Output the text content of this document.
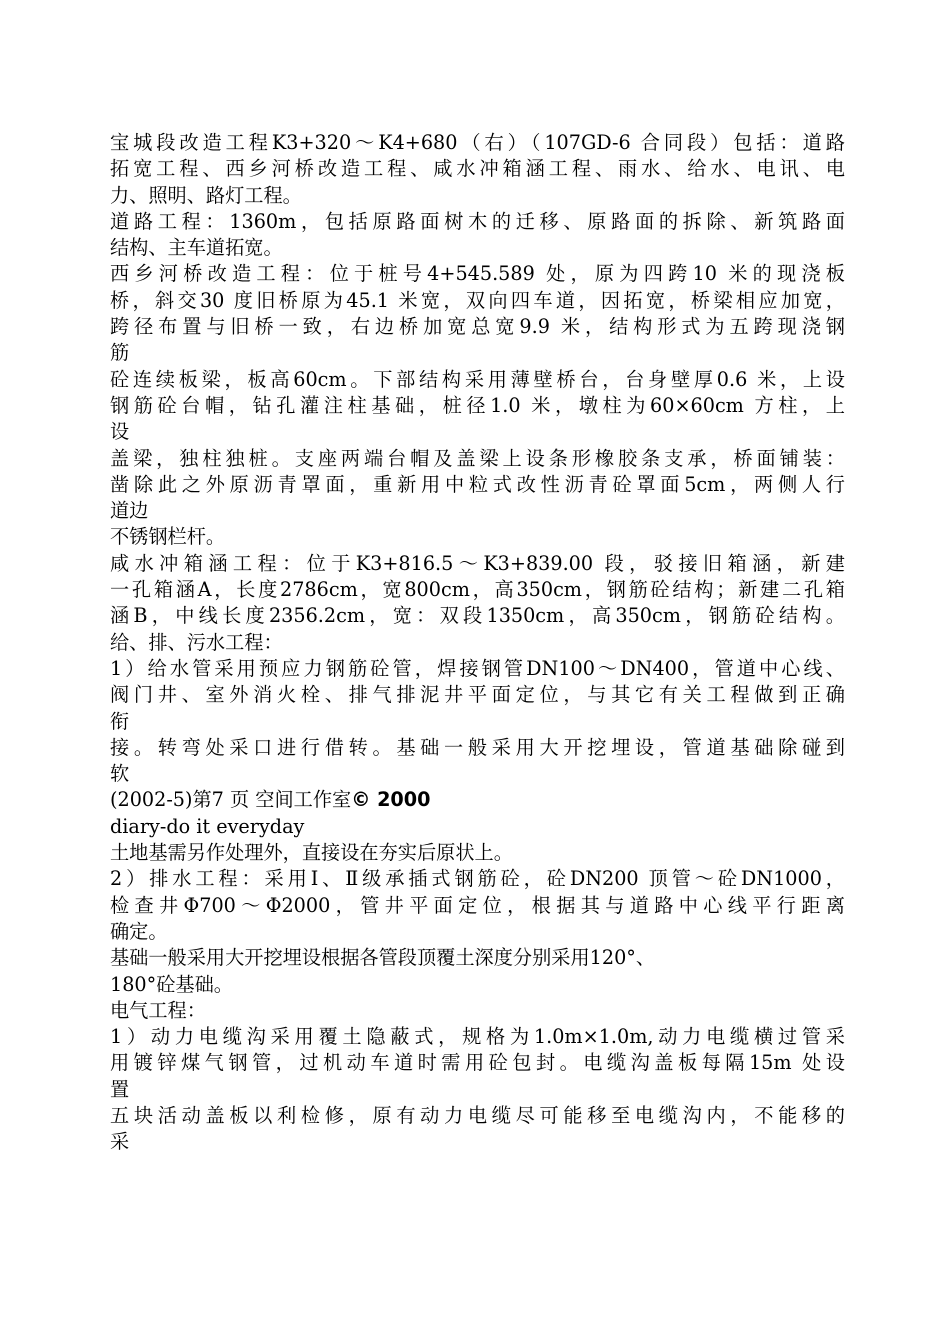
宝城段改造工程K3+320～K4+680（右）（107GD-6 合同段）包括：道路
拓宽工程、西乡河桥改造工程、咸水冲箱涵工程、雨水、给水、电讯、电
力、照明、路灯工程。
道路工程：1360m，包括原路面树木的迁移、原路面的拆除、新筑路面
结构、主车道拓宽。
西乡河桥改造工程：位于桩号4+545.589 处，原为四跨10 米的现浇板
桥，斜交30 度旧桥原为45.1 米宽，双向四车道，因拓宽，桥梁相应加宽，
跨径布置与旧桥一致，右边桥加宽总宽9.9 米，结构形式为五跨现浇钢
筋
砼连续板梁，板高60cm。下部结构采用薄壁桥台，台身壁厚0.6 米，上设
钢筋砼台帽，钻孔灌注柱基础，桩径1.0 米，墩柱为60×60cm 方柱，上
设
盖梁，独柱独桩。支座两端台帽及盖梁上设条形橡胶条支承，桥面铺装：
凿除此之外原沥青罩面，重新用中粒式改性沥青砼罩面5cm，两侧人行
道边
不锈钢栏杆。
咸水冲箱涵工程：位于K3+816.5～K3+839.00 段，驳接旧箱涵，新建
一孔箱涵A，长度2786cm，宽800cm，高350cm，钢筋砼结构；新建二孔箱
涵B，中线长度2356.2cm，宽：双段1350cm，高350cm，钢筋砼结构。
给、排、污水工程：
1）给水管采用预应力钢筋砼管，焊接钢管DN100～DN400，管道中心线、
阀门井、室外消火栓、排气排泥井平面定位，与其它有关工程做到正确
衔
接。转弯处采口进行借转。基础一般采用大开挖埋设，管道基础除碰到
软
(2002-5)第7 页 空间工作室© 2000
diary-do it everyday
土地基需另作处理外，直接设在夯实后原状上。
2）排水工程：采用Ⅰ、Ⅱ级承插式钢筋砼，砼DN200 顶管～砼DN1000，
检查井Φ700～Φ2000，管井平面定位，根据其与道路中心线平行距离
确定。
基础一般采用大开挖埋设根据各管段顶覆土深度分别采用120°、
180°砼基础。
电气工程：
1）动力电缆沟采用覆土隐蔽式，规格为1.0m×1.0m,动力电缆横过管采
用镀锌煤气钢管，过机动车道时需用砼包封。电缆沟盖板每隔15m 处设
置
五块活动盖板以利检修，原有动力电缆尽可能移至电缆沟内，不能移的
采
